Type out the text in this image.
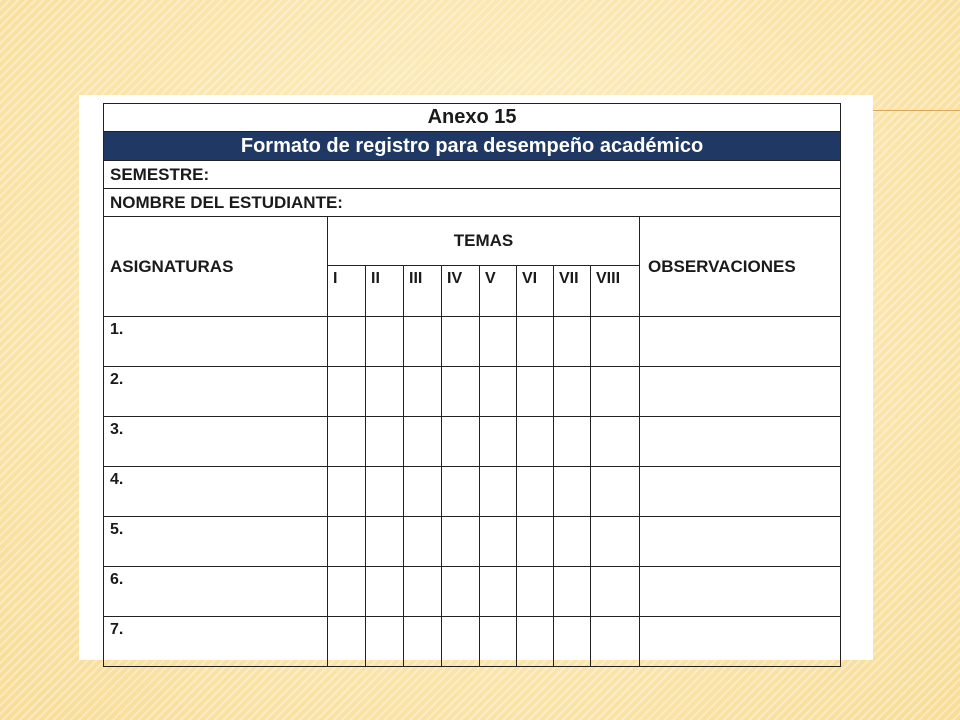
Anexo 15									
Formato de registro para desempeño académico									
SEMESTRE:									
NOMBRE DEL ESTUDIANTE:									
ASIGNATURAS	TEMAS								OBSERVACIONES
	I	II	III	IV	V	VI	VII	VIII	
1.									
2.									
3.									
4.									
5.									
6.									
7.									
